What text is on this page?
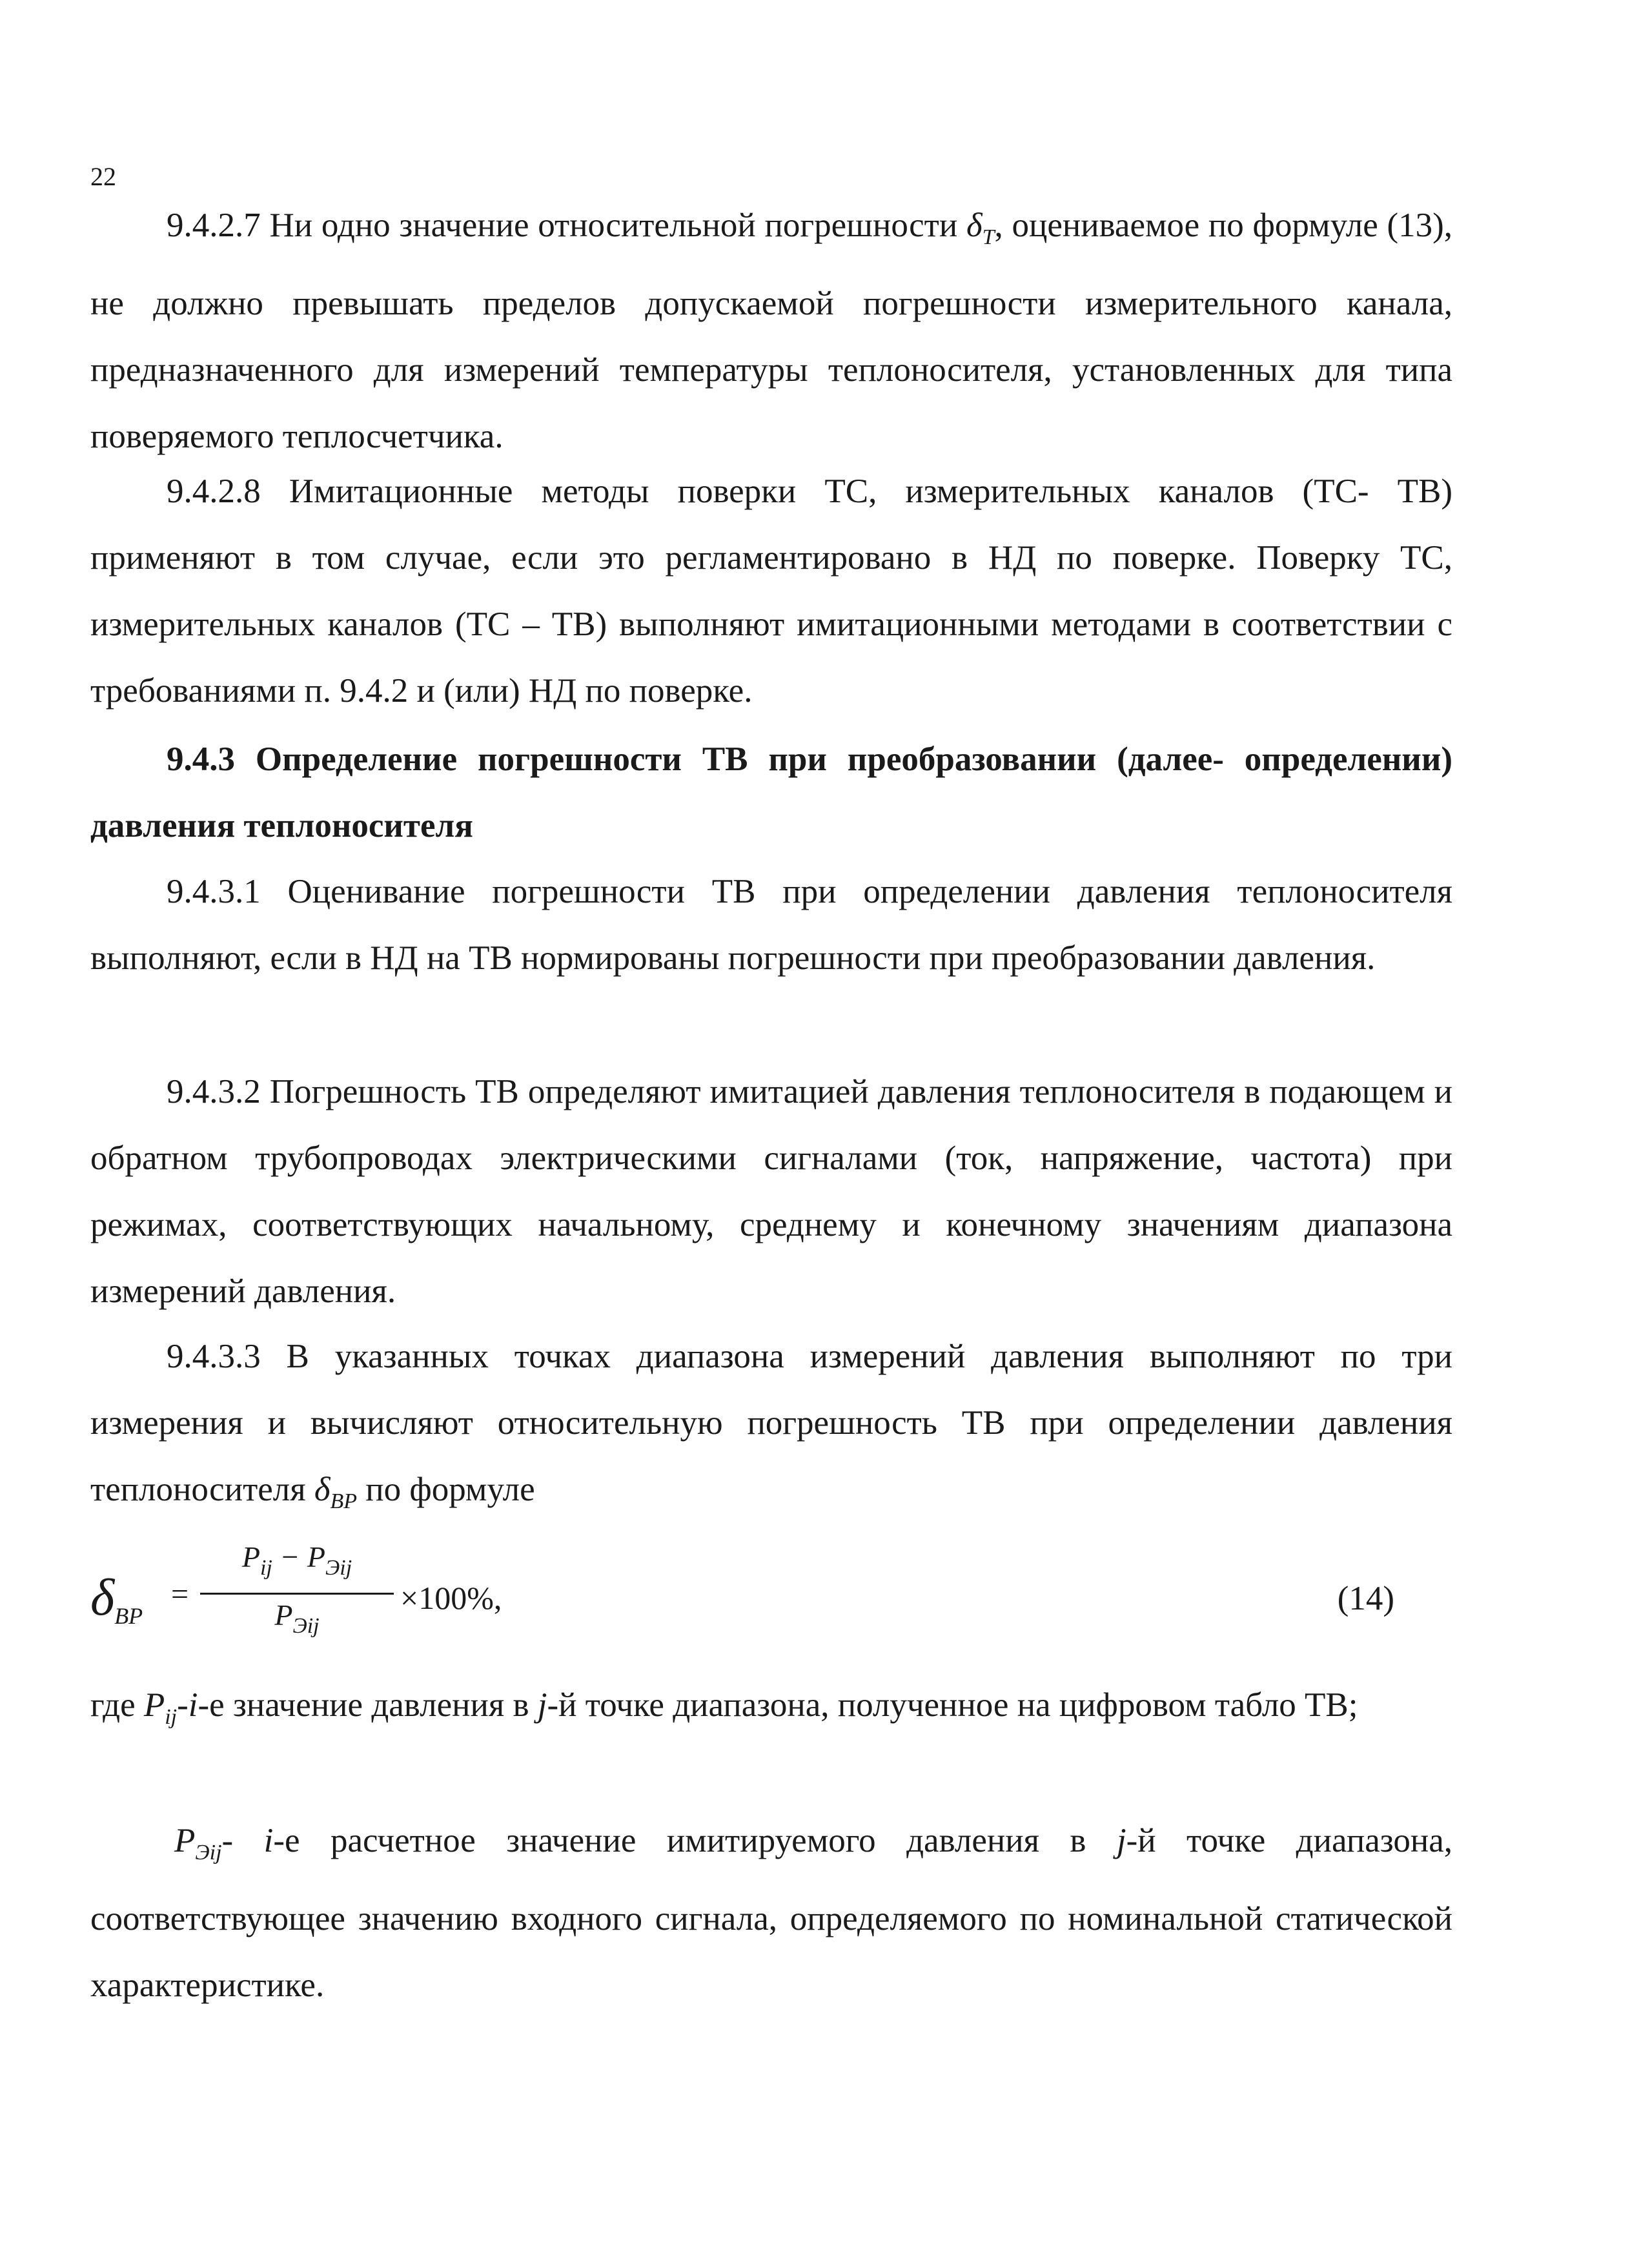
22
9.4.2.7 Ни одно значение относительной погрешности $\delta_T$, оцениваемое по формуле (13), не должно превышать пределов допускаемой погрешности измерительного канала, предназначенного для измерений температуры теплоносителя, установленных для типа поверяемого теплосчетчика.
9.4.2.8 Имитационные методы поверки ТС, измерительных каналов (ТС- ТВ) применяют в том случае, если это регламентировано в НД по поверке. Поверку ТС, измерительных каналов (ТС – ТВ) выполняют имитационными методами в соответствии с требованиями п. 9.4.2 и (или) НД по поверке.
9.4.3 Определение погрешности ТВ при преобразовании (далее- определении) давления теплоносителя
9.4.3.1 Оценивание погрешности ТВ при определении давления теплоносителя выполняют, если в НД на ТВ нормированы погрешности при преобразовании давления.
9.4.3.2 Погрешность ТВ определяют имитацией давления теплоносителя в подающем и обратном трубопроводах электрическими сигналами (ток, напряжение, частота) при режимах, соответствующих начальному, среднему и конечному значениям диапазона измерений давления.
9.4.3.3 В указанных точках диапазона измерений давления выполняют по три измерения и вычисляют относительную погрешность ТВ при определении давления теплоносителя $\delta_{BP}$ по формуле
$\delta_{BP}$
=
$P_{ij} - P_{Эij}$
$P_{Эij}$
×100%,	(14)
где $P_{ij}-i-е$ значение давления в j-й точке диапазона, полученное на цифровом табло ТВ;
$P_{Эij}-$ i-е расчетное значение имитируемого давления в j-й точке диапазона, соответствующее значению входного сигнала, определяемого по номинальной статической характеристике.
